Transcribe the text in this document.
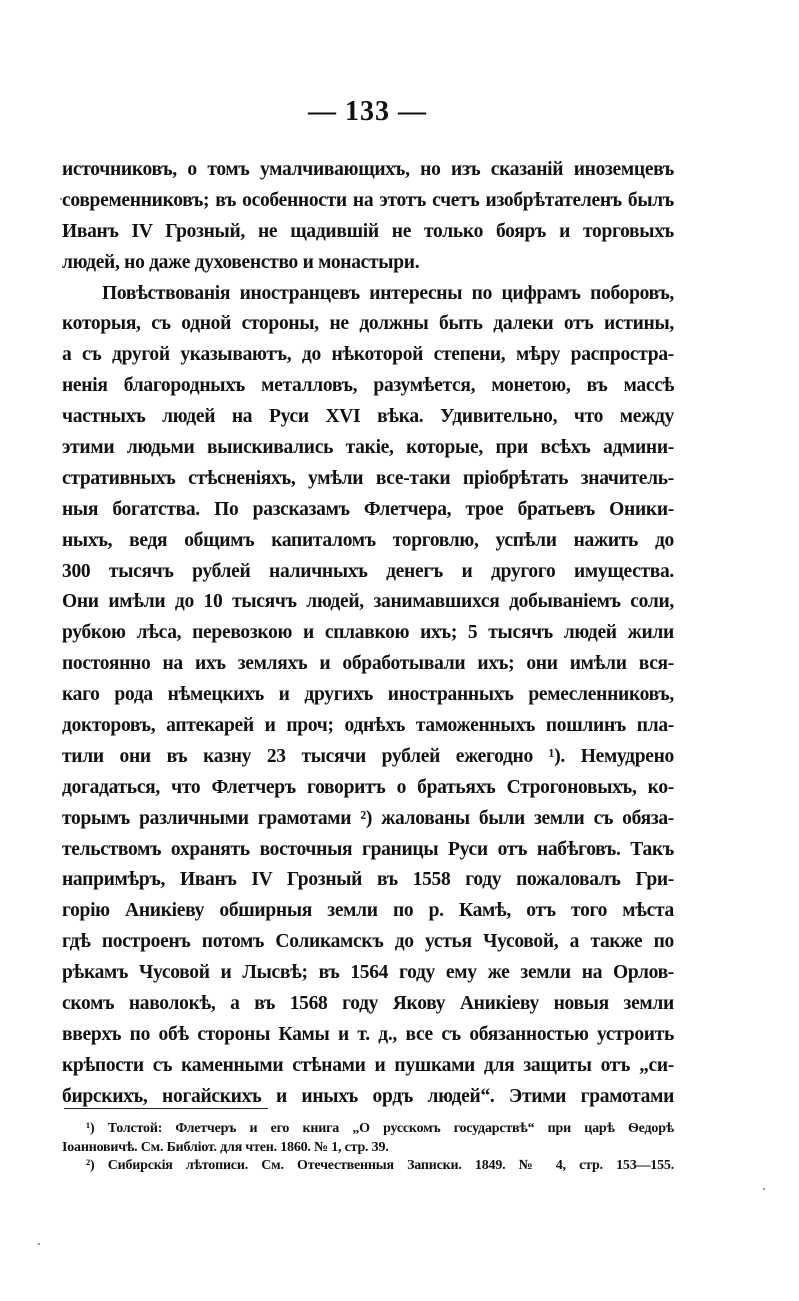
— 133 —
источниковъ, о томъ умалчивающихъ, но изъ сказаній иноземцевъ
современниковъ; въ особенности на этотъ счетъ изобрѣтателенъ былъ
Иванъ IV Грозный, не щадившій не только бояръ и торговыхъ
людей, но даже духовенство и монастыри.
Повѣствованія иностранцевъ интересны по цифрамъ поборовъ,
которыя, съ одной стороны, не должны быть далеки отъ истины,
а съ другой указываютъ, до нѣкоторой степени, мѣру распростра-
ненія благородныхъ металловъ, разумѣется, монетою, въ массѣ
частныхъ людей на Руси XVI вѣка. Удивительно, что между
этими людьми выискивались такіе, которые, при всѣхъ админи-
стративныхъ стѣсненіяхъ, умѣли все-таки пріобрѣтать значитель-
ныя богатства. По разсказамъ Флетчера, трое братьевъ Оники-
ныхъ, ведя общимъ капиталомъ торговлю, успѣли нажить до
300 тысячъ рублей наличныхъ денегъ и другого имущества.
Они имѣли до 10 тысячъ людей, занимавшихся добываніемъ соли,
рубкою лѣса, перевозкою и сплавкою ихъ; 5 тысячъ людей жили
постоянно на ихъ земляхъ и обработывали ихъ; они имѣли вся-
каго рода нѣмецкихъ и другихъ иностранныхъ ремесленниковъ,
докторовъ, аптекарей и проч; однѣхъ таможенныхъ пошлинъ пла-
тили они въ казну 23 тысячи рублей ежегодно ¹). Немудрено
догадаться, что Флетчеръ говоритъ о братьяхъ Строгоновыхъ, ко-
торымъ различными грамотами ²) жалованы были земли съ обяза-
тельствомъ охранять восточныя границы Руси отъ набѣговъ. Такъ
напримѣръ, Иванъ IV Грозный въ 1558 году пожаловалъ Гри-
горію Аникіеву обширныя земли по р. Камѣ, отъ того мѣста
гдѣ построенъ потомъ Соликамскъ до устья Чусовой, а также по
рѣкамъ Чусовой и Лысвѣ; въ 1564 году ему же земли на Орлов-
скомъ наволокѣ, а въ 1568 году Якову Аникіеву новыя земли
вверхъ по обѣ стороны Камы и т. д., все съ обязанностью устроить
крѣпости съ каменными стѣнами и пушками для защиты отъ „си-
бирскихъ, ногайскихъ и иныхъ ордъ людей“. Этими грамотами
¹) Толстой: Флетчеръ и его книга „О русскомъ государствѣ“ при царѣ Ѳедорѣ
Іоанновичѣ. См. Библіот. для чтен. 1860. № 1, стр. 39.
²) Сибирскія лѣтописи. См. Отечественныя Записки. 1849. № 4, стр. 153—155.
